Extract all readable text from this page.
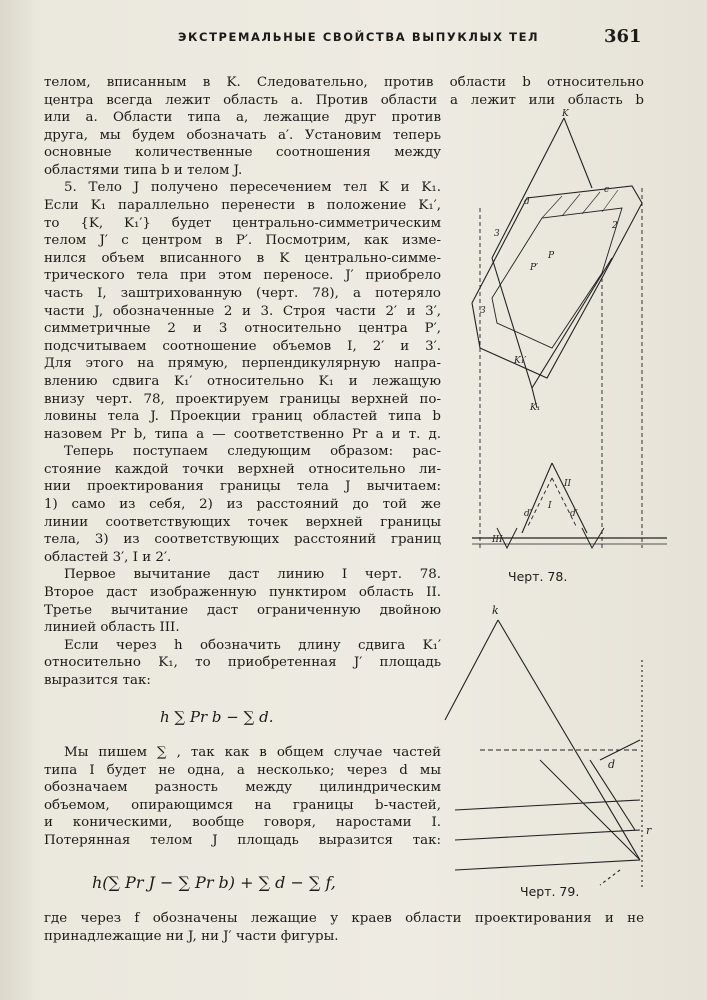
ЭКСТРЕМАЛЬНЫЕ СВОЙСТВА ВЫПУКЛЫХ ТЕЛ	361

телом, вписанным в K. Следовательно, против области b относительно

центра всегда лежит область a. Против области a лежит или область b

или a. Области типа a, лежащие друг против

друга, мы будем обозначать a′. Установим теперь

основные количественные соотношения между

областями типа b и телом J.

5. Тело J получено пересечением тел K и K₁.

Если K₁ параллельно перенести в положение K₁′,

то {K, K₁′} будет центрально-симметрическим

телом J′ с центром в P′. Посмотрим, как изме-

нился объем вписанного в K центрально-симме-

трического тела при этом переносе. J′ приобрело

часть I, заштрихованную (черт. 78), а потеряло

части J, обозначенные 2 и 3. Строя части 2′ и 3′,

симметричные 2 и 3 относительно центра P′,

подсчитываем соотношение объемов I, 2′ и 3′.

Для этого на прямую, перпендикулярную напра-

влению сдвига K₁′ относительно K₁ и лежащую

внизу черт. 78, проектируем границы верхней по-

ловины тела J. Проекции границ областей типа b

назовем Pr b, типа a — соответственно Pr a и т. д.

Теперь поступаем следующим образом: рас-

стояние каждой точки верхней относительно ли-

нии проектирования границы тела J вычитаем:

1) само из себя, 2) из расстояний до той же

линии соответствующих точек верхней границы

тела, 3) из соответствующих расстояний границ

областей 3′, I и 2′.

Первое вычитание даст линию I черт. 78.

Второе даст изображенную пунктиром область II.

Третье вычитание даст ограниченную двойною

линией область III.

Если через h обозначить длину сдвига K₁′

относительно K₁, то приобретенная J′ площадь

выразится так:

h ∑ Pr b − ∑ d.

Мы пишем ∑ , так как в общем случае частей

типа I будет не одна, а несколько; через d мы

обозначаем разность между цилиндрическим

объемом, опирающимся на границы b-частей,

и коническими, вообще говоря, наростами I.

Потерянная телом J площадь выразится так:

h(∑ Pr J − ∑ Pr b) + ∑ d − ∑ f,

где через f обозначены лежащие у краев области проектирования и не

принадлежащие ни J, ни J′ части фигуры.

K
d
c
3
2
3
P
P′
K₁′
K₁
II
I
d′	d′
III
Черт. 78.
k
d
r
Черт. 79.
